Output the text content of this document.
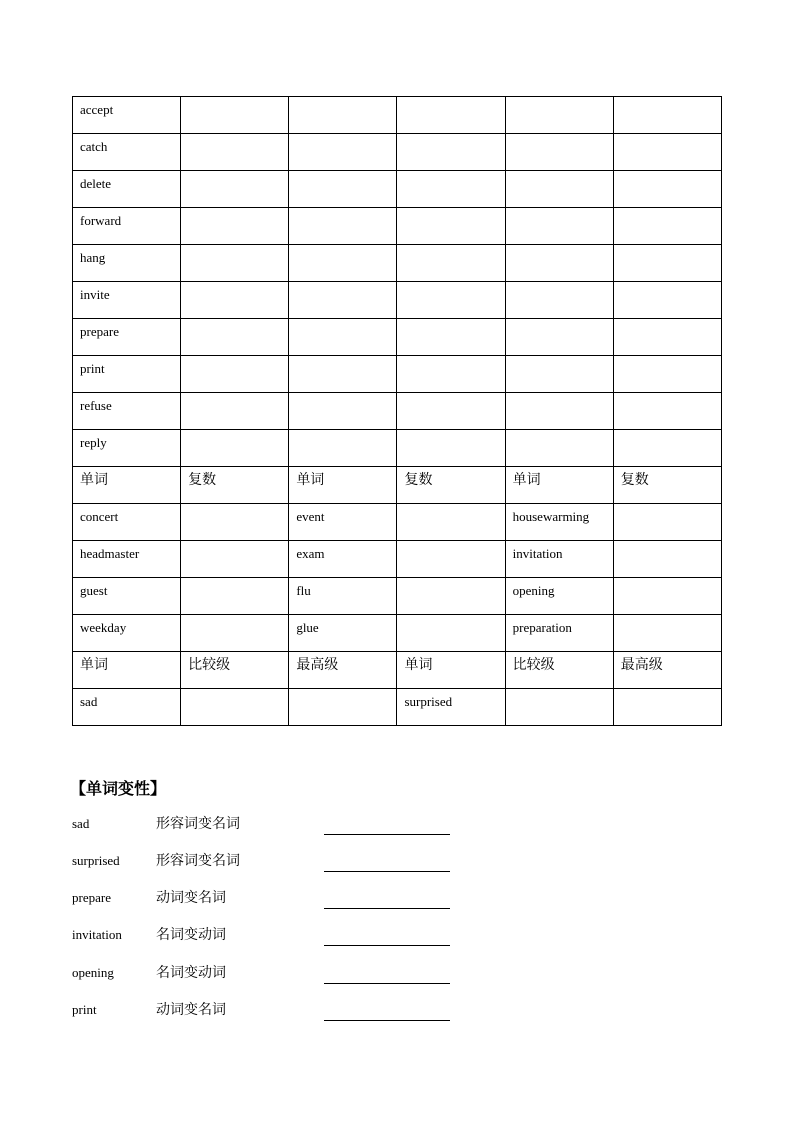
accept					
catch					
delete					
forward					
hang					
invite					
prepare					
print					
refuse					
reply					
单词	复数	单词	复数	单词	复数
concert		event		housewarming	
headmaster		exam		invitation	
guest		flu		opening	
weekday		glue		preparation	
单词	比较级	最高级	单词	比较级	最高级
sad			surprised		
【单词变性】
sad	形容词变名词
surprised	形容词变名词
prepare	动词变名词
invitation 名词变动词
opening	名词变动词
print	动词变名词
